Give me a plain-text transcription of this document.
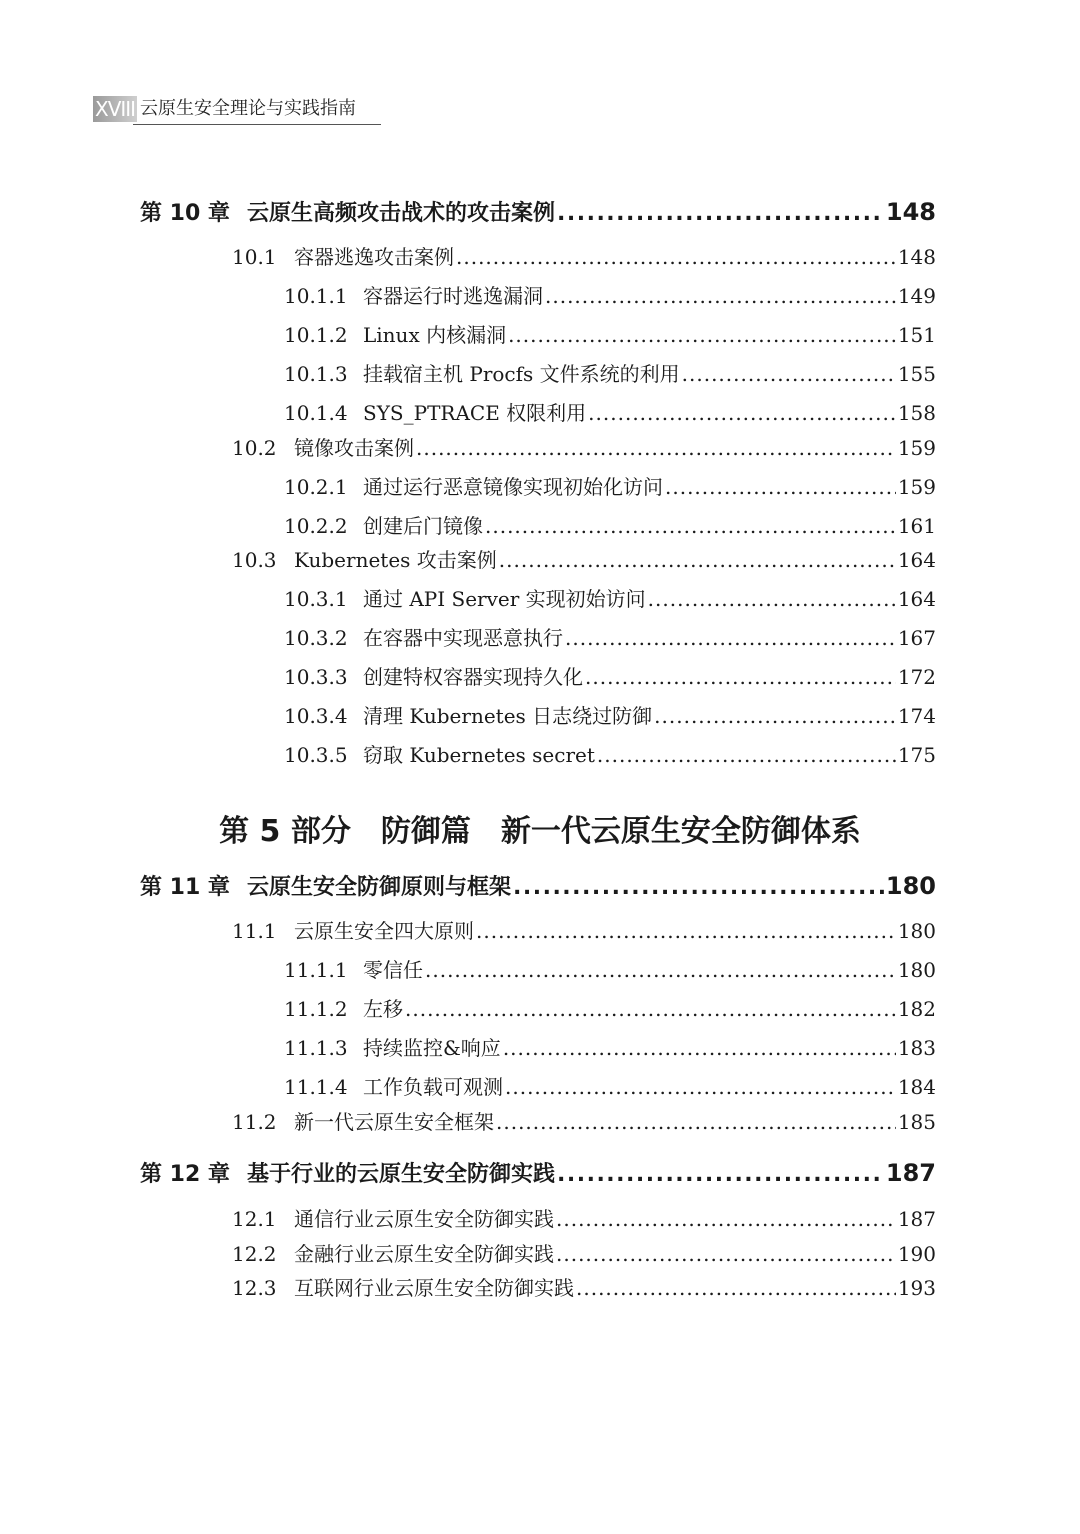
XVIII 云原生安全理论与实践指南
第 10 章 云原生高频攻击战术的攻击案例 .....	148
10.1 容器逃逸攻击案例 .....	148
10.1.1 容器运行时逃逸漏洞 .....	149
10.1.2 Linux 内核漏洞 .....	151
10.1.3 挂载宿主机 Procfs 文件系统的利用 .....	155
10.1.4 SYS_PTRACE 权限利用 .....	158
10.2 镜像攻击案例 .....	159
10.2.1 通过运行恶意镜像实现初始化访问 .....	159
10.2.2 创建后门镜像 .....	161
10.3 Kubernetes 攻击案例 .....	164
10.3.1 通过 API Server 实现初始访问 .....	164
10.3.2 在容器中实现恶意执行 .....	167
10.3.3 创建特权容器实现持久化 .....	172
10.3.4 清理 Kubernetes 日志绕过防御 .....	174
10.3.5 窃取 Kubernetes secret .....	175
第 5 部分 防御篇 新一代云原生安全防御体系
第 11 章 云原生安全防御原则与框架 .....	180
11.1 云原生安全四大原则 .....	180
11.1.1 零信任 .....	180
11.1.2 左移 .....	182
11.1.3 持续监控&响应 .....	183
11.1.4 工作负载可观测 .....	184
11.2 新一代云原生安全框架 .....	185
第 12 章 基于行业的云原生安全防御实践 .....	187
12.1 通信行业云原生安全防御实践 .....	187
12.2 金融行业云原生安全防御实践 .....	190
12.3 互联网行业云原生安全防御实践 .....	193
